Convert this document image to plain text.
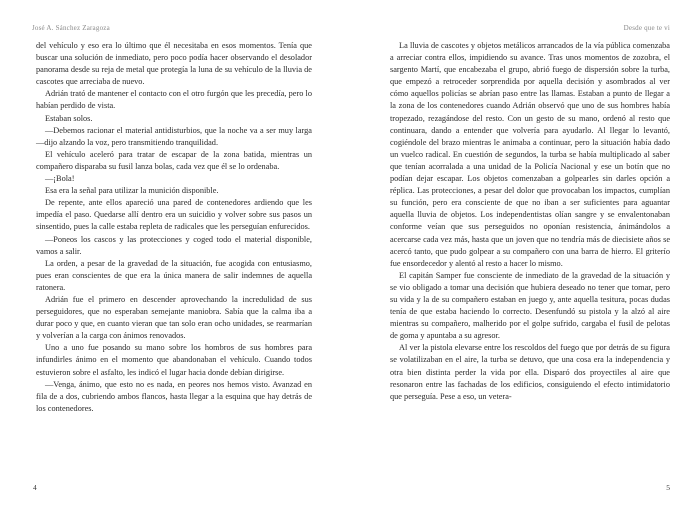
José A. Sánchez Zaragoza

del vehículo y eso era lo último que él necesitaba en esos momentos. Tenía que buscar una solución de inmediato, pero poco podía hacer observando el desolador panorama desde su reja de metal que protegía la luna de su vehículo de la lluvia de cascotes que arreciaba de nuevo.

Adrián trató de mantener el contacto con el otro furgón que les precedía, pero lo habían perdido de vista.

Estaban solos.

—Debemos racionar el material antidisturbios, que la noche va a ser muy larga —dijo alzando la voz, pero transmitiendo tranquilidad.

El vehículo aceleró para tratar de escapar de la zona batida, mientras un compañero disparaba su fusil lanza bolas, cada vez que él se lo ordenaba.

—¡Bola!

Esa era la señal para utilizar la munición disponible.

De repente, ante ellos apareció una pared de contenedores ardiendo que les impedía el paso. Quedarse allí dentro era un suicidio y volver sobre sus pasos un sinsentido, pues la calle estaba repleta de radicales que les perseguían enfurecidos.

—Poneos los cascos y las protecciones y coged todo el material disponible, vamos a salir.

La orden, a pesar de la gravedad de la situación, fue acogida con entusiasmo, pues eran conscientes de que era la única manera de salir indemnes de aquella ratonera.

Adrián fue el primero en descender aprovechando la incredulidad de sus perseguidores, que no esperaban semejante maniobra. Sabía que la calma iba a durar poco y que, en cuanto vieran que tan solo eran ocho unidades, se rearmarían y volverían a la carga con ánimos renovados.

Uno a uno fue posando su mano sobre los hombros de sus hombres para infundirles ánimo en el momento que abandonaban el vehículo. Cuando todos estuvieron sobre el asfalto, les indicó el lugar hacia donde debían dirigirse.

—Venga, ánimo, que esto no es nada, en peores nos hemos visto. Avanzad en fila de a dos, cubriendo ambos flancos, hasta llegar a la esquina que hay detrás de los contenedores.

4
Desde que te vi

La lluvia de cascotes y objetos metálicos arrancados de la vía pública comenzaba a arreciar contra ellos, impidiendo su avance. Tras unos momentos de zozobra, el sargento Martí, que encabezaba el grupo, abrió fuego de dispersión sobre la turba, que empezó a retroceder sorprendida por aquella decisión y asombrados al ver cómo aquellos policías se abrían paso entre las llamas. Estaban a punto de llegar a la zona de los contenedores cuando Adrián observó que uno de sus hombres había tropezado, rezagándose del resto. Con un gesto de su mano, ordenó al resto que continuara, dando a entender que volvería para ayudarlo. Al llegar lo levantó, cogiéndole del brazo mientras le animaba a continuar, pero la situación había dado un vuelco radical. En cuestión de segundos, la turba se había multiplicado al saber que tenían acorralada a una unidad de la Policía Nacional y ese un botín que no podían dejar escapar. Los objetos comenzaban a golpearles sin darles opción a réplica. Las protecciones, a pesar del dolor que provocaban los impactos, cumplían su función, pero era consciente de que no iban a ser suficientes para aguantar aquella lluvia de objetos. Los independentistas olían sangre y se envalentonaban conforme veían que sus perseguidos no oponían resistencia, ánimándolos a acercarse cada vez más, hasta que un joven que no tendría más de diecisiete años se acercó tanto, que pudo golpear a su compañero con una barra de hierro. El griterío fue ensordecedor y alentó al resto a hacer lo mismo.

El capitán Samper fue consciente de inmediato de la gravedad de la situación y se vio obligado a tomar una decisión que hubiera deseado no tener que tomar, pero su vida y la de su compañero estaban en juego y, ante aquella tesitura, pocas dudas tenía de que estaba haciendo lo correcto. Desenfundó su pistola y la alzó al aire mientras su compañero, malherido por el golpe sufrido, cargaba el fusil de pelotas de goma y apuntaba a su agresor.

Al ver la pistola elevarse entre los rescoldos del fuego que por detrás de su figura se volatilizaban en el aire, la turba se detuvo, que una cosa era la independencia y otra bien distinta perder la vida por ella. Disparó dos proyectiles al aire que resonaron entre las fachadas de los edificios, consiguiendo el efecto intimidatorio que perseguía. Pese a eso, un vetera-

5
